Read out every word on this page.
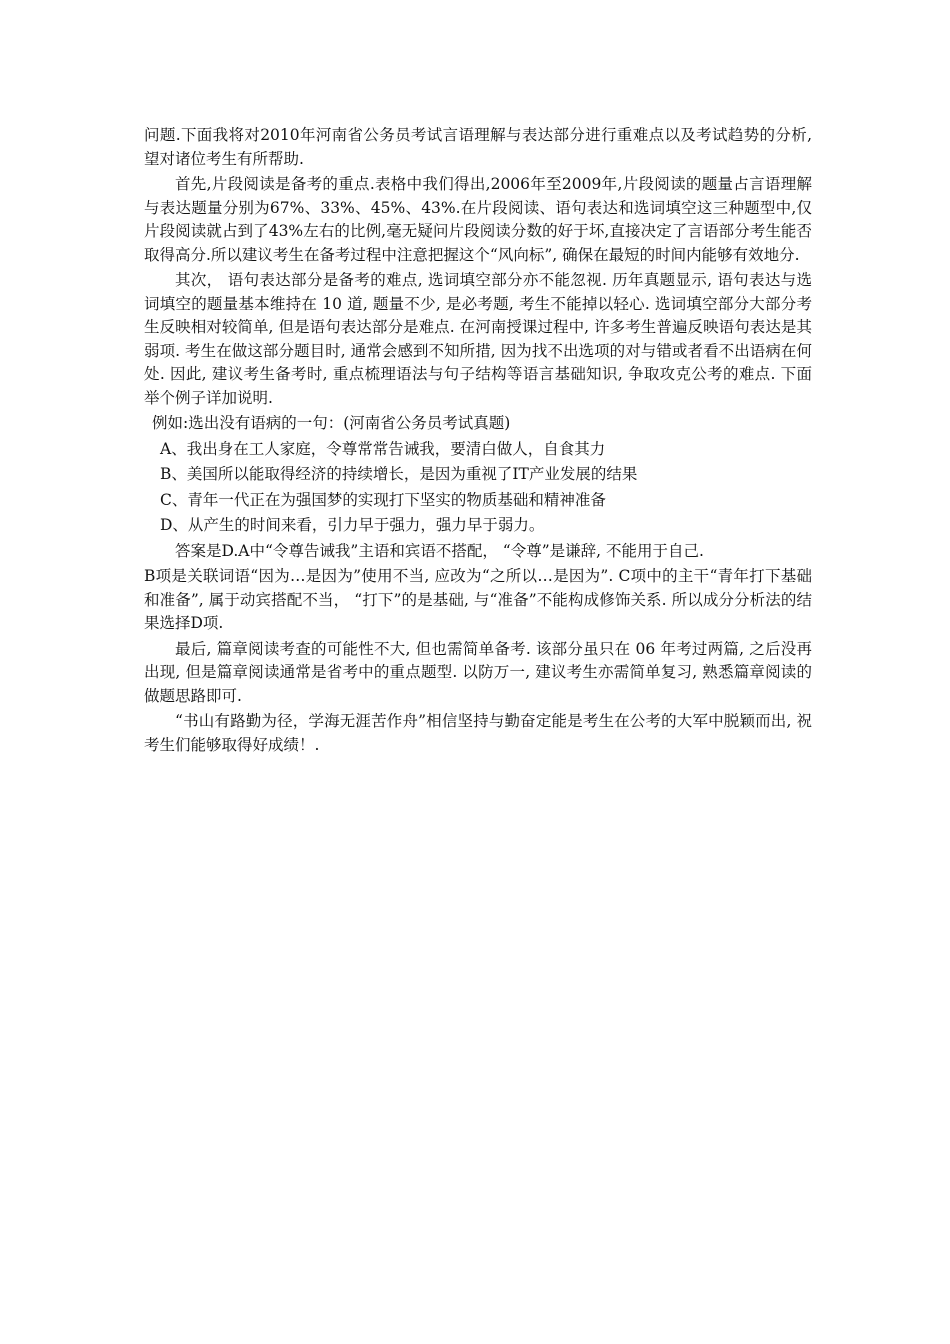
问题.下面我将对2010年河南省公务员考试言语理解与表达部分进行重难点以及考试趋势的分析,望对诸位考生有所帮助.

首先,片段阅读是备考的重点.表格中我们得出,2006年至2009年,片段阅读的题量占言语理解与表达题量分别为67%、33%、45%、43%.在片段阅读、语句表达和选词填空这三种题型中,仅片段阅读就占到了43%左右的比例,毫无疑问片段阅读分数的好于坏,直接决定了言语部分考生能否取得高分.所以建议考生在备考过程中注意把握这个“风向标”, 确保在最短的时间内能够有效地分.

其次， 语句表达部分是备考的难点, 选词填空部分亦不能忽视. 历年真题显示, 语句表达与选词填空的题量基本维持在 10 道, 题量不少, 是必考题, 考生不能掉以轻心. 选词填空部分大部分考生反映相对较简单, 但是语句表达部分是难点. 在河南授课过程中, 许多考生普遍反映语句表达是其弱项. 考生在做这部分题目时, 通常会感到不知所措, 因为找不出选项的对与错或者看不出语病在何处. 因此, 建议考生备考时, 重点梳理语法与句子结构等语言基础知识, 争取攻克公考的难点. 下面举个例子详加说明.

例如:选出没有语病的一句：(河南省公务员考试真题)

A、我出身在工人家庭，令尊常常告诫我，要清白做人，自食其力

B、美国所以能取得经济的持续增长，是因为重视了IT产业发展的结果

C、青年一代正在为强国梦的实现打下坚实的物质基础和精神准备

D、从产生的时间来看，引力早于强力，强力早于弱力。

答案是D.A中“令尊告诫我”主语和宾语不搭配， “令尊”是谦辞, 不能用于自己.

B项是关联词语“因为…是因为”使用不当, 应改为“之所以…是因为”. C项中的主干“青年打下基础和准备”, 属于动宾搭配不当， “打下”的是基础, 与“准备”不能构成修饰关系. 所以成分分析法的结果选择D项.

最后, 篇章阅读考查的可能性不大, 但也需简单备考. 该部分虽只在 06 年考过两篇, 之后没再出现, 但是篇章阅读通常是省考中的重点题型. 以防万一, 建议考生亦需简单复习, 熟悉篇章阅读的做题思路即可.

“书山有路勤为径，学海无涯苦作舟”相信坚持与勤奋定能是考生在公考的大军中脱颖而出, 祝考生们能够取得好成绩！.
